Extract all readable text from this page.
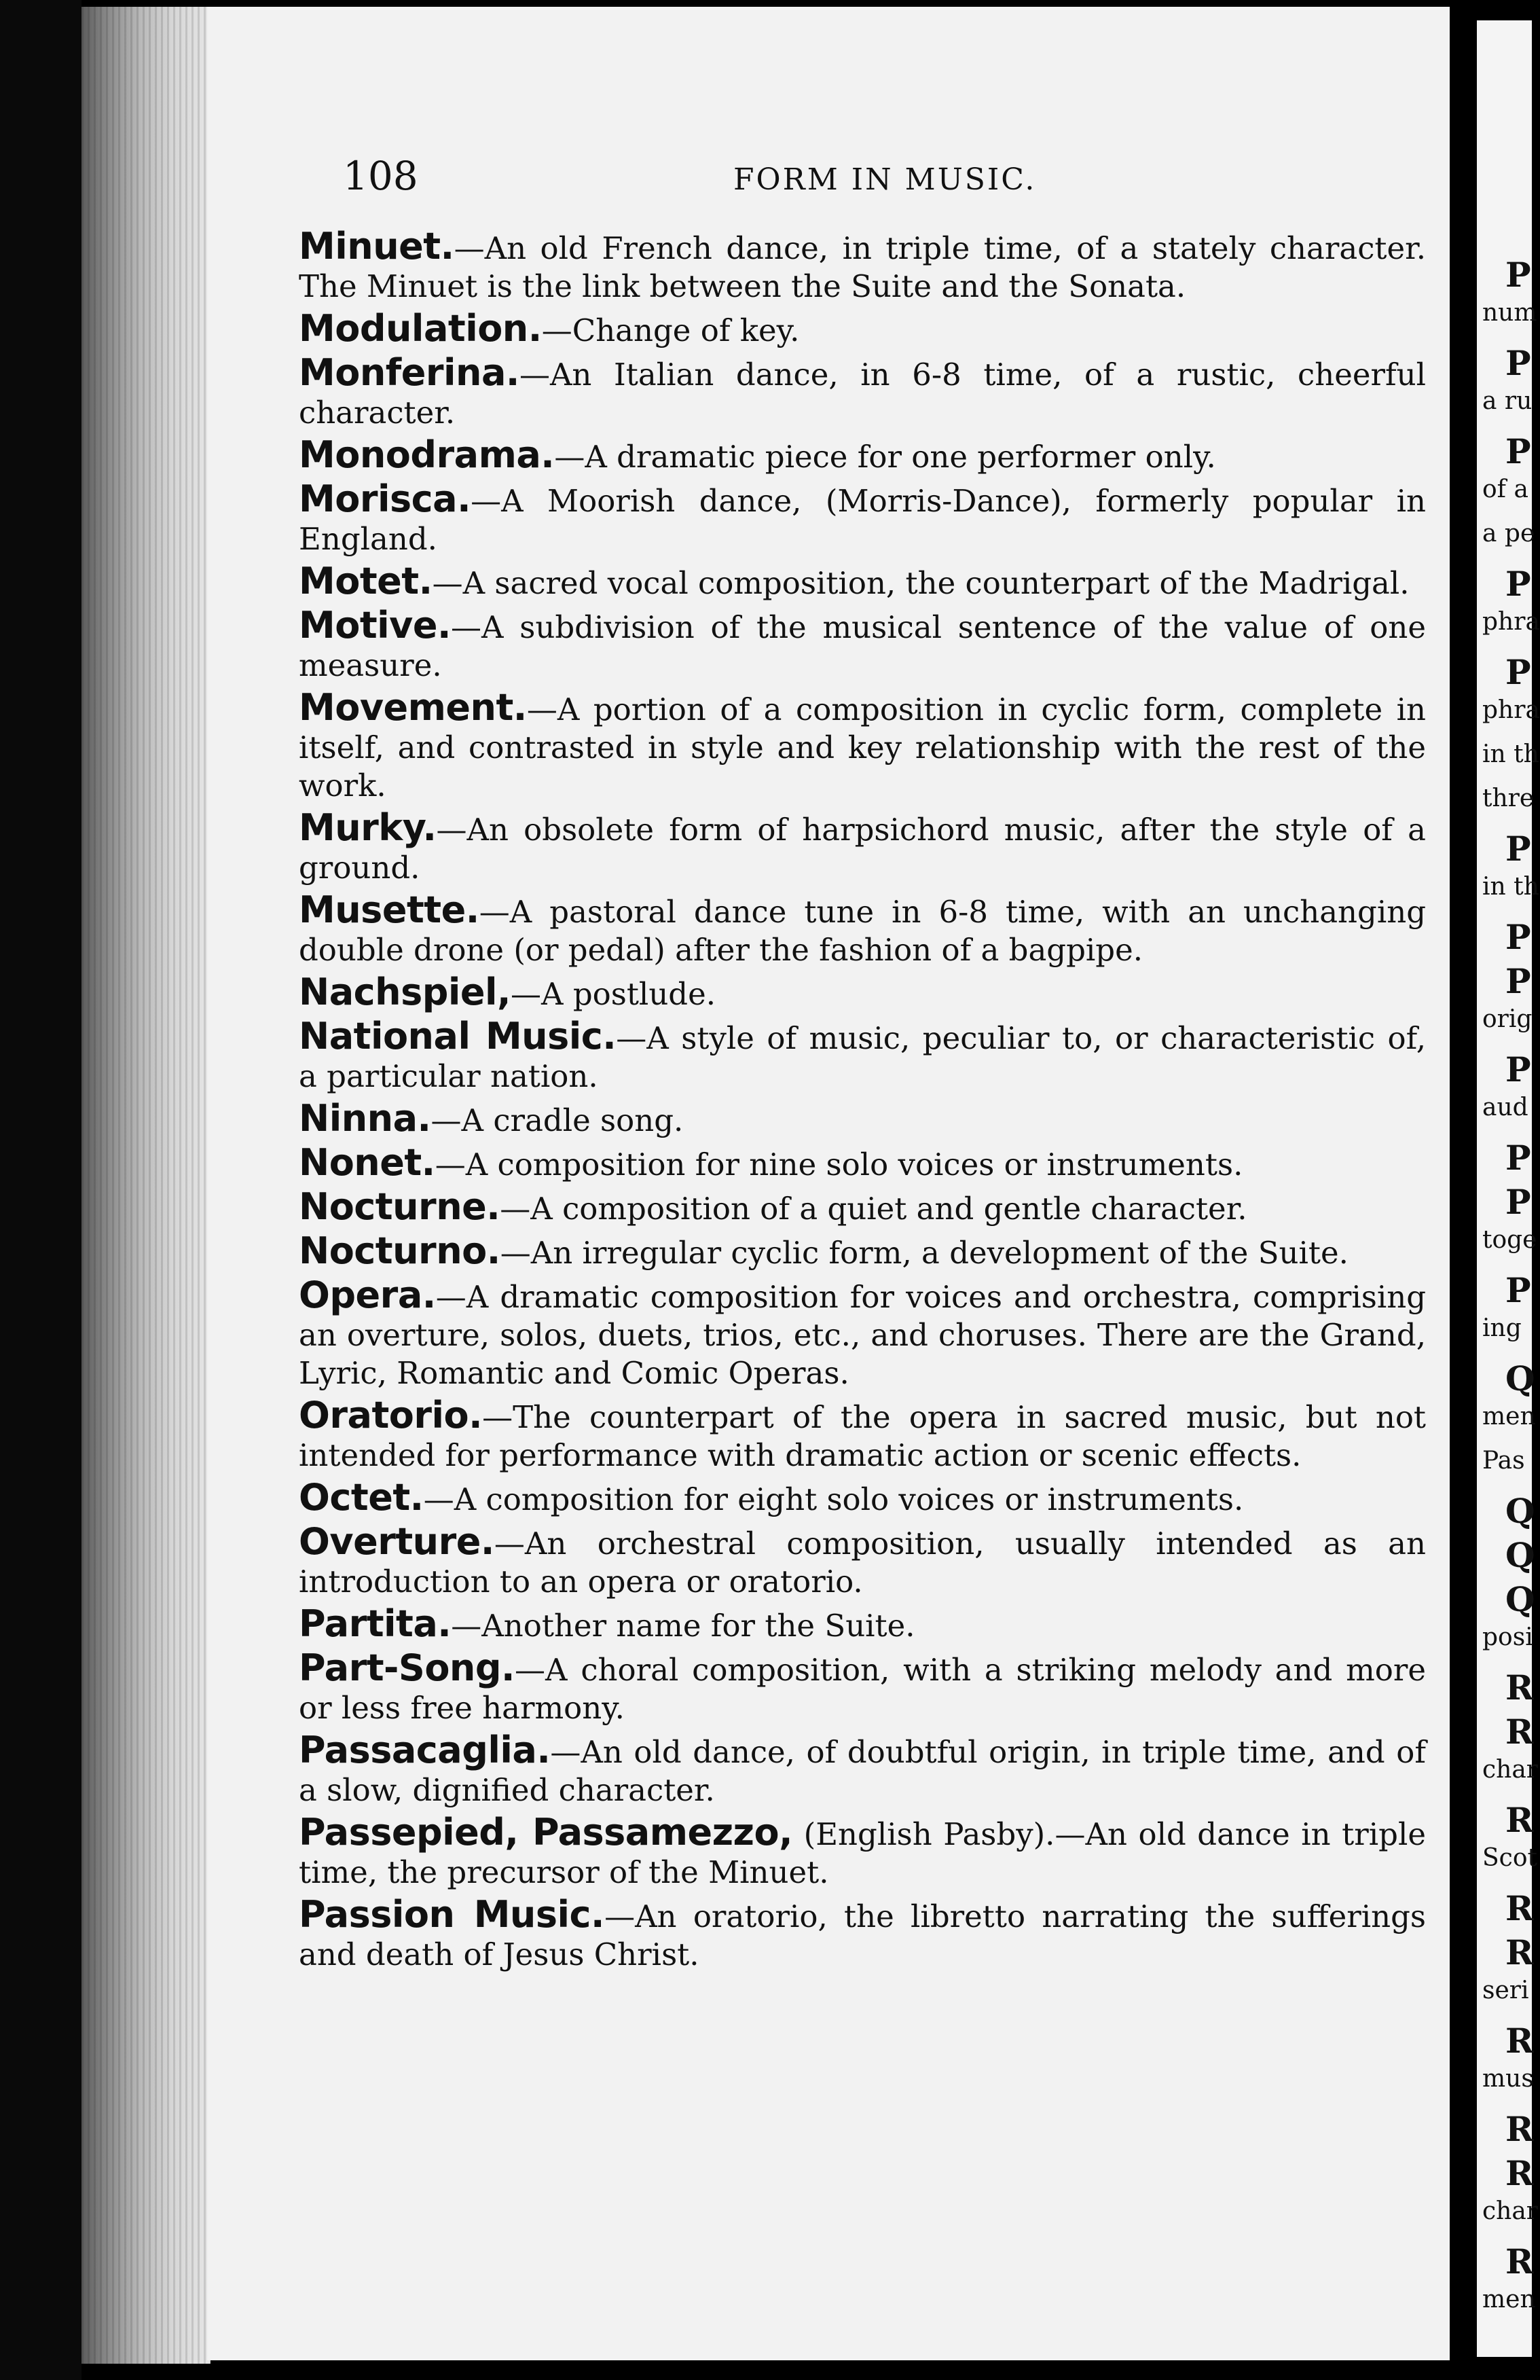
108	FORM IN MUSIC.
Minuet.—An old French dance, in triple time, of a stately character. The Minuet is the link between the Suite and the Sonata.
Modulation.—Change of key.
Monferina.—An Italian dance, in 6-8 time, of a rustic, cheerful character.
Monodrama.—A dramatic piece for one performer only.
Morisca.—A Moorish dance, (Morris-Dance), formerly popular in England.
Motet.—A sacred vocal composition, the counterpart of the Madrigal.
Motive.—A subdivision of the musical sentence of the value of one measure.
Movement.—A portion of a composition in cyclic form, complete in itself, and contrasted in style and key relationship with the rest of the work.
Murky.—An obsolete form of harpsichord music, after the style of a ground.
Musette.—A pastoral dance tune in 6-8 time, with an unchanging double drone (or pedal) after the fashion of a bagpipe.
Nachspiel,—A postlude.
National Music.—A style of music, peculiar to, or characteristic of, a particular nation.
Ninna.—A cradle song.
Nonet.—A composition for nine solo voices or instruments.
Nocturne.—A composition of a quiet and gentle character.
Nocturno.—An irregular cyclic form, a development of the Suite.
Opera.—A dramatic composition for voices and orchestra, comprising an overture, solos, duets, trios, etc., and choruses. There are the Grand, Lyric, Romantic and Comic Operas.
Oratorio.—The counterpart of the opera in sacred music, but not intended for performance with dramatic action or scenic effects.
Octet.—A composition for eight solo voices or instruments.
Overture.—An orchestral composition, usually intended as an introduction to an opera or oratorio.
Partita.—Another name for the Suite.
Part-Song.—A choral composition, with a striking melody and more or less free harmony.
Passacaglia.—An old dance, of doubtful origin, in triple time, and of a slow, dignified character.
Passepied, Passamezzo, (English Pasby).—An old dance in triple time, the precursor of the Minuet.
Passion Music.—An oratorio, the libretto narrating the sufferings and death of Jesus Christ.
P
num
P
a ru
P
of a
a pe
P
phra
P
phra
in th
thre
P
in th
P
P
orig
P
aud
P
P
toge
P
ing
Q
men
Pas
Q
Q
Q
posi
R
R
char
R
Scot
R
R
seri
R
mus
R
R
char
R
men
